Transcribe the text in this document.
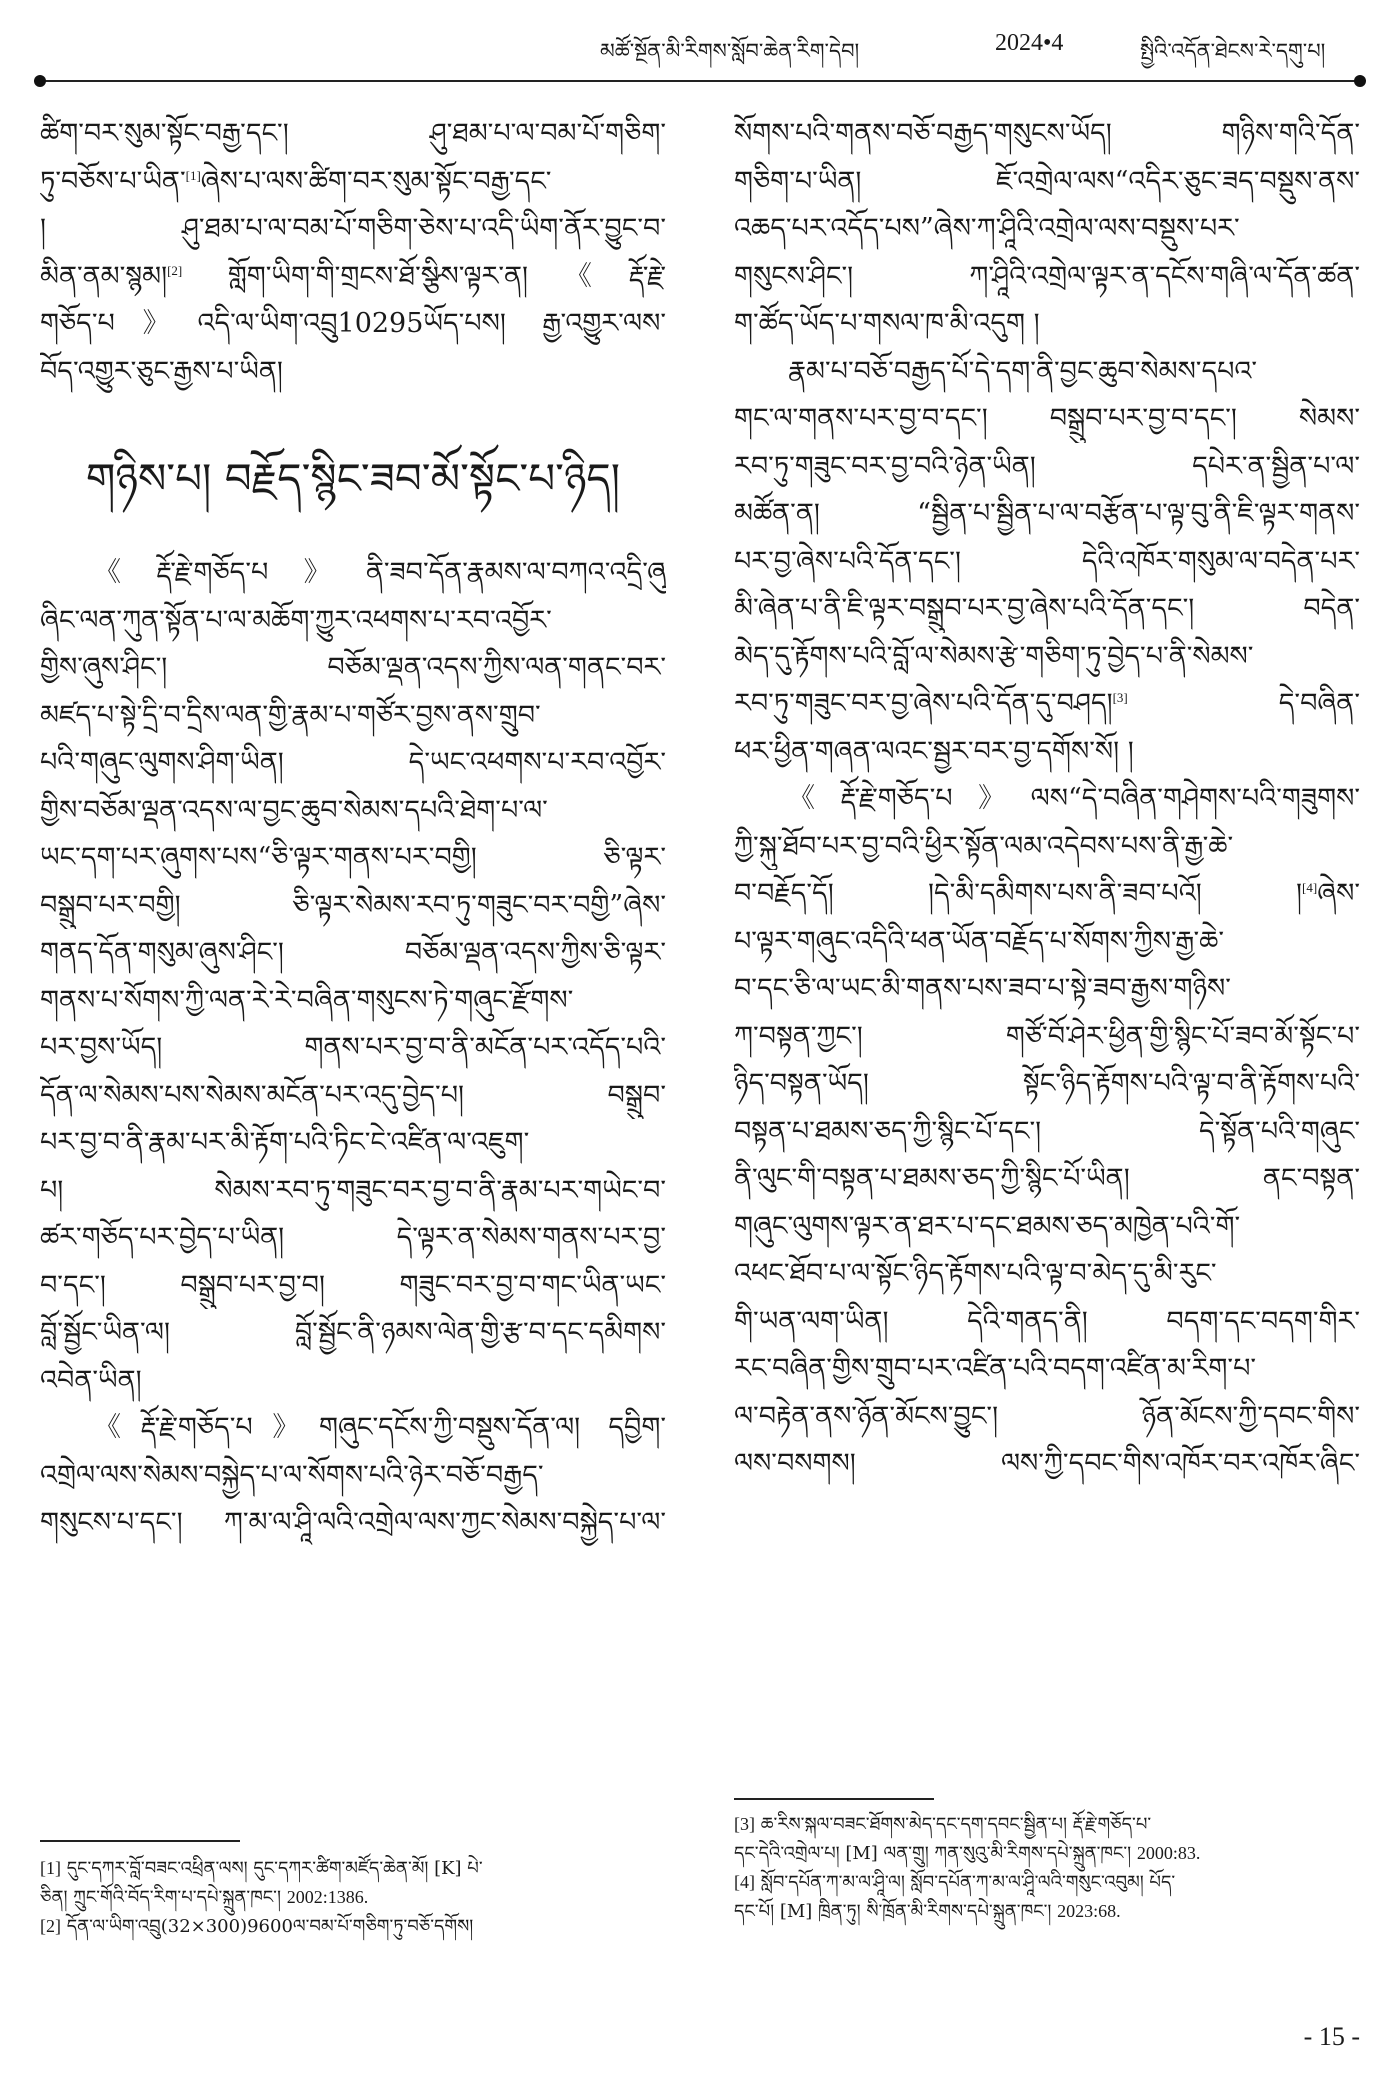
མཚོ་སྔོན་མི་རིགས་སློབ་ཆེན་རིག་དེབ།	2024•4	སྤྱིའི་འདོན་ཐེངས་རེ་དགུ་པ།
ཚིག་བར་སུམ་སྟོང་བརྒྱ་དང་། ཤུ་ཐམ་པ་ལ་བམ་པོ་གཅིག་
ཏུ་བཅོས་པ་ཡིན་[1]ཞེས་པ་ལས་ཚིག་བར་སུམ་སྟོང་བརྒྱ་དང་
། ཤུ་ཐམ་པ་ལ་བམ་པོ་གཅིག་ཅེས་པ་འདི་ཡིག་ནོར་བྱུང་བ་
མིན་ནམ་སྙམ།[2] གློག་ཡིག་གི་གྲངས་ཐོ་སྩིས་ལྟར་ན།《རྡོ་རྗེ་
གཅོད་པ》འདི་ལ་ཡིག་འབྲུ10295ཡོད་པས། རྒྱ་འགྱུར་ལས་
བོད་འགྱུར་ཅུང་རྒྱས་པ་ཡིན།
གཉིས་པ། བརྗོད་སྙིང་ཟབ་མོ་སྟོང་པ་ཉིད།
《རྡོ་རྗེ་གཅོད་པ》ནི་ཟབ་དོན་རྣམས་ལ་བཀའ་འདྲི་ཞུ
ཞིང་ལན་ཀུན་སྟོན་པ་ལ་མཆོག་ཀྱུར་འཕགས་པ་རབ་འབྱོར་
གྱིས་ཞུས་ཤིང་། བཅོམ་ལྡན་འདས་ཀྱིས་ལན་གནང་བར་
མཛད་པ་སྟེ་དྲི་བ་དྲིས་ལན་གྱི་རྣམ་པ་གཙོར་བྱས་ནས་གྲུབ་
པའི་གཞུང་ལུགས་ཤིག་ཡིན། དེ་ཡང་འཕགས་པ་རབ་འབྱོར་
གྱིས་བཅོམ་ལྡན་འདས་ལ་བྱང་ཆུབ་སེམས་དཔའི་ཐེག་པ་ལ་
ཡང་དག་པར་ཞུགས་པས“ཅི་ལྟར་གནས་པར་བགྱི། ཅི་ལྟར་
བསྒྲུབ་པར་བགྱི། ཅི་ལྟར་སེམས་རབ་ཏུ་གཟུང་བར་བགྱི”ཞེས་
གནད་དོན་གསུམ་ཞུས་ཤིང་། བཅོམ་ལྡན་འདས་ཀྱིས་ཅི་ལྟར་
གནས་པ་སོགས་ཀྱི་ལན་རེ་རེ་བཞིན་གསུངས་ཏེ་གཞུང་རྫོགས་
པར་བྱས་ཡོད། གནས་པར་བྱ་བ་ནི་མངོན་པར་འདོད་པའི་
དོན་ལ་སེམས་པས་སེམས་མངོན་པར་འདུ་བྱེད་པ། བསྒྲུབ་
པར་བྱ་བ་ནི་རྣམ་པར་མི་རྟོག་པའི་ཏིང་ངེ་འཛིན་ལ་འཇུག་
པ། སེམས་རབ་ཏུ་གཟུང་བར་བྱ་བ་ནི་རྣམ་པར་གཡེང་བ་
ཚར་གཅོད་པར་བྱེད་པ་ཡིན། དེ་ལྟར་ན་སེམས་གནས་པར་བྱ་
བ་དང་། བསྒྲུབ་པར་བྱ་བ། གཟུང་བར་བྱ་བ་གང་ཡིན་ཡང་
བློ་སྦྱོང་ཡིན་ལ། བློ་སྦྱོང་ནི་ཉམས་ལེན་གྱི་རྩ་བ་དང་དམིགས་
འབེན་ཡིན།
《རྡོ་རྗེ་གཅོད་པ》གཞུང་དངོས་ཀྱི་བསྡུས་དོན་ལ། དབྱིག་
འགྲེལ་ལས་སེམས་བསྐྱེད་པ་ལ་སོགས་པའི་ཉེར་བཅོ་བརྒྱད་
གསུངས་པ་དང་། ཀ་མ་ལ་ཤཱི་ལའི་འགྲེལ་ལས་ཀྱང་སེམས་བསྐྱེད་པ་ལ་
སོགས་པའི་གནས་བཅོ་བརྒྱད་གསུངས་ཡོད། གཉིས་གའི་དོན་
གཅིག་པ་ཡིན། ཇོ་འགྲེལ་ལས“འདིར་ཅུང་ཟད་བསྡུས་ནས་
འཆད་པར་འདོད་པས”ཞེས་ཀ་ཤཱིའི་འགྲེལ་ལས་བསྡུས་པར་
གསུངས་ཤིང་། ཀ་ཤཱིའི་འགྲེལ་ལྟར་ན་དངོས་གཞི་ལ་དོན་ཚན་
ག་ཚོད་ཡོད་པ་གསལ་ཁ་མི་འདུག །
རྣམ་པ་བཅོ་བརྒྱད་པོ་དེ་དག་ནི་བྱང་ཆུབ་སེམས་དཔའ་
གང་ལ་གནས་པར་བྱ་བ་དང་། བསྒྲུབ་པར་བྱ་བ་དང་། སེམས་
རབ་ཏུ་གཟུང་བར་བྱ་བའི་ཉེན་ཡིན། དཔེར་ན་སྦྱིན་པ་ལ་
མཚོན་ན། “སྦྱིན་པ་སྦྱིན་པ་ལ་བརྩོན་པ་ལྟ་བུ་ནི་ཇི་ལྟར་གནས་
པར་བྱ་ཞེས་པའི་དོན་དང་། དེའི་འཁོར་གསུམ་ལ་བདེན་པར་
མི་ཞེན་པ་ནི་ཇི་ལྟར་བསྒྲུབ་པར་བྱ་ཞེས་པའི་དོན་དང་། བདེན་
མེད་དུ་རྟོགས་པའི་བློ་ལ་སེམས་རྩེ་གཅིག་ཏུ་བྱེད་པ་ནི་སེམས་
རབ་ཏུ་གཟུང་བར་བྱ་ཞེས་པའི་དོན་དུ་བཤད།[3] དེ་བཞིན་
ཕར་ཕྱིན་གཞན་ལའང་སྦྱར་བར་བྱ་དགོས་སོ། །
《རྡོ་རྗེ་གཅོད་པ》ལས“དེ་བཞིན་གཤེགས་པའི་གཟུགས་
ཀྱི་སྐུ་ཐོབ་པར་བྱ་བའི་ཕྱིར་སྟོན་ལམ་འདེབས་པས་ནི་རྒྱ་ཆེ་
བ་བརྗོད་དོ། །དེ་མི་དམིགས་པས་ནི་ཟབ་པའོ། །[4]ཞེས་
པ་ལྟར་གཞུང་འདིའི་ཕན་ཡོན་བརྗོད་པ་སོགས་ཀྱིས་རྒྱ་ཆེ་
བ་དང་ཅི་ལ་ཡང་མི་གནས་པས་ཟབ་པ་སྟེ་ཟབ་རྒྱས་གཉིས་
ཀ་བསྟན་ཀྱང་། གཙོ་བོ་ཤེར་ཕྱིན་གྱི་སྙིང་པོ་ཟབ་མོ་སྟོང་པ་
ཉིད་བསྟན་ཡོད། སྟོང་ཉིད་རྟོགས་པའི་ལྟ་བ་ནི་རྟོགས་པའི་
བསྟན་པ་ཐམས་ཅད་ཀྱི་སྙིང་པོ་དང་། དེ་སྟོན་པའི་གཞུང་
ནི་ལུང་གི་བསྟན་པ་ཐམས་ཅད་ཀྱི་སྙིང་པོ་ཡིན། ནང་བསྟན་
གཞུང་ལུགས་ལྟར་ན་ཐར་པ་དང་ཐམས་ཅད་མཁྱེན་པའི་གོ་
འཕང་ཐོབ་པ་ལ་སྟོང་ཉིད་རྟོགས་པའི་ལྟ་བ་མེད་དུ་མི་རུང་
གི་ཡན་ལག་ཡིན། དེའི་གནད་ནི། བདག་དང་བདག་གིར་
རང་བཞིན་གྱིས་གྲུབ་པར་འཛིན་པའི་བདག་འཛིན་མ་རིག་པ་
ལ་བརྟེན་ནས་ཉོན་མོངས་བྱུང་། ཉོན་མོངས་ཀྱི་དབང་གིས་
ལས་བསགས། ལས་ཀྱི་དབང་གིས་འཁོར་བར་འཁོར་ཞིང་
[1] དུང་དཀར་བློ་བཟང་འཕྲིན་ལས། དུང་དཀར་ཚིག་མཛོད་ཆེན་མོ། [K] པེ་
ཅིན། ཀྲུང་གོའི་བོད་རིག་པ་དཔེ་སྐྲུན་ཁང་། 2002:1386.
[2] དོན་ལ་ཡིག་འབྲུ(32×300)9600ལ་བམ་པོ་གཅིག་ཏུ་བཅོ་དགོས།
[3] ཆ་རིས་སྐལ་བཟང་ཐོགས་མེད་དང་དག་དབང་སྦྱིན་པ། རྡོ་རྗེ་གཅོད་པ་
དང་དེའི་འགྲེལ་པ། [M] ལན་གྲུ། ཀན་སུའུ་མི་རིགས་དཔེ་སྐྲུན་ཁང་། 2000:83.
[4] སློབ་དཔོན་ཀ་མ་ལ་ཤཱི་ལ། སློབ་དཔོན་ཀ་མ་ལ་ཤཱི་ལའི་གསུང་འབུམ། པོད་
དང་པོ། [M] ཁྲིན་ཏུ། སི་ཁྲོན་མི་རིགས་དཔེ་སྐྲུན་ཁང་། 2023:68.
- 15 -
